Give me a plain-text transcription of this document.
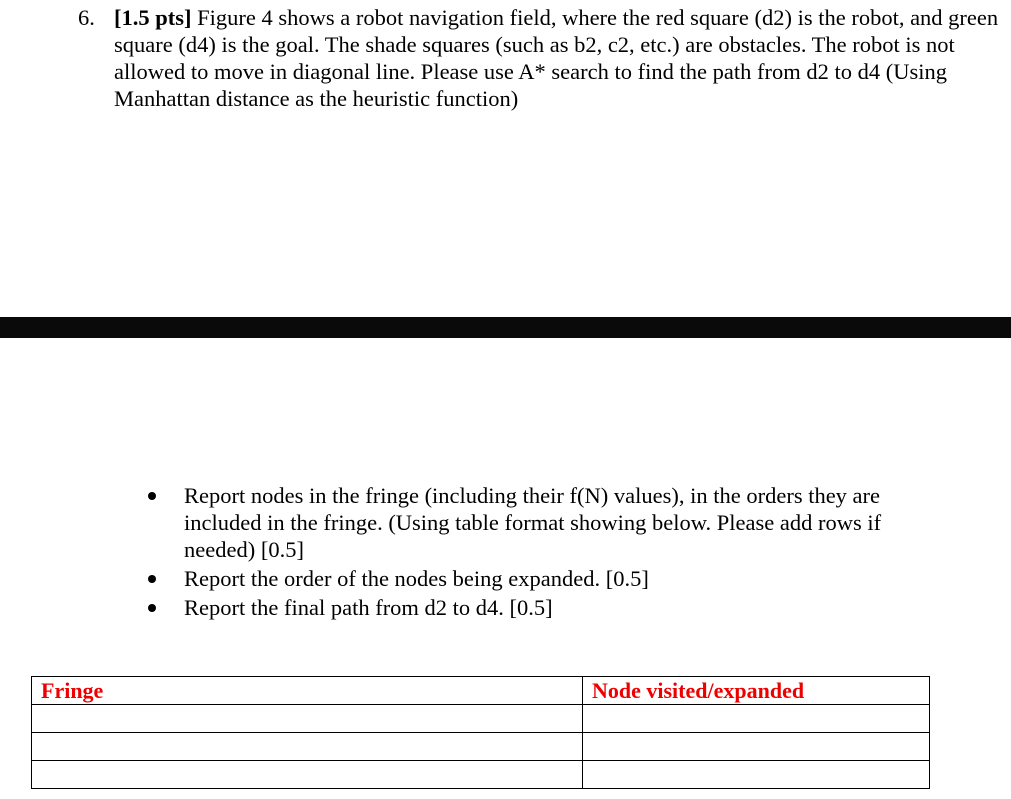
6. [1.5 pts] Figure 4 shows a robot navigation field, where the red square (d2) is the robot, and green square (d4) is the goal. The shade squares (such as b2, c2, etc.) are obstacles. The robot is not allowed to move in diagonal line. Please use A* search to find the path from d2 to d4 (Using Manhattan distance as the heuristic function)
Report nodes in the fringe (including their f(N) values), in the orders they are included in the fringe. (Using table format showing below. Please add rows if needed) [0.5]
Report the order of the nodes being expanded. [0.5]
Report the final path from d2 to d4. [0.5]
Fringe	Node visited/expanded
